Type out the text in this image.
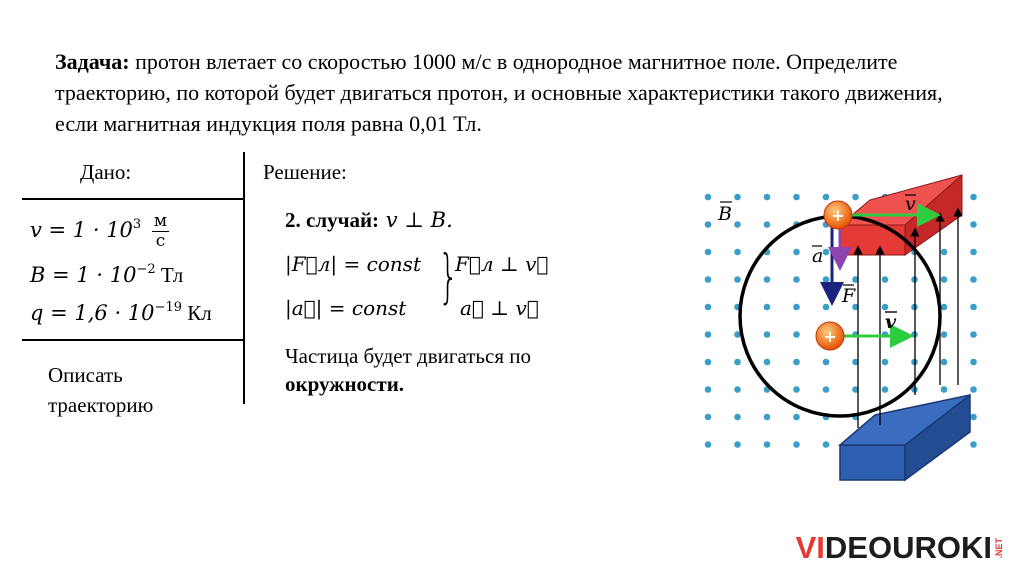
Задача: протон влетает со скоростью 1000 м/с в однородное магнитное поле. Определите траекторию, по которой будет двигаться протон, и основные характеристики такого движения, если магнитная индукция поля равна 0,01 Тл.
Дано:
𝑣 = $1 \cdot 10^3 \frac{м}{с}$
𝐵 = $1 \cdot 10^{-2}$ Тл
𝑞 = $1,6 \cdot 10^{-19}$ Кл
Описать
траекторию
Решение:
2. случай: 𝑣 ⊥ 𝐵.
|𝐹⃗л| = 𝑐𝑜𝑛𝑠𝑡
|𝑎⃗| = 𝑐𝑜𝑛𝑠𝑡 }
𝐹⃗л ⊥ 𝑣⃗
𝑎⃗ ⊥ 𝑣⃗
Частица будет двигаться по
окружности.
+
+
B	v
a
F
v
VI DEOUROKI .NET
